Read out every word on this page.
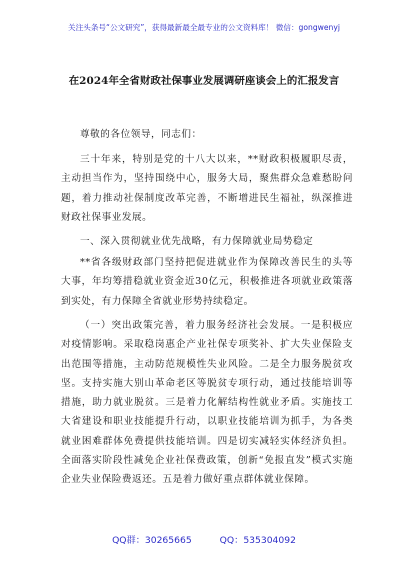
关注头条号“公文研究”，获得最新最全最专业的公文资料库！ 微信：gongwenyj
在2024年全省财政社保事业发展调研座谈会上的汇报发言
尊敬的各位领导，同志们：
三十年来，特别是党的十八大以来，**财政积极履职尽责，主动担当作为，坚持围绕中心，服务大局，聚焦群众急难愁盼问题，着力推动社保制度改革完善，不断增进民生福祉，纵深推进财政社保事业发展。
一、深入贯彻就业优先战略，有力保障就业局势稳定
**省各级财政部门坚持把促进就业作为保障改善民生的头等大事，年均筹措稳就业资金近30亿元，积极推进各项就业政策落到实处，有力保障全省就业形势持续稳定。
（一）突出政策完善，着力服务经济社会发展。一是积极应对疫情影响。采取稳岗惠企产业社保专项奖补、扩大失业保险支出范围等措施，主动防范规模性失业风险。二是全力服务脱贫攻坚。支持实施大别山革命老区等脱贫专项行动，通过技能培训等措施，助力就业脱贫。三是着力化解结构性就业矛盾。实施技工大省建设和职业技能提升行动，以职业技能培训为抓手，为各类就业困难群体免费提供技能培训。四是切实减轻实体经济负担。全面落实阶段性减免企业社保费政策，创新“免报直发”模式实施企业失业保险费返还。五是着力做好重点群体就业保障。
QQ群：30265665	QQ：535304092
